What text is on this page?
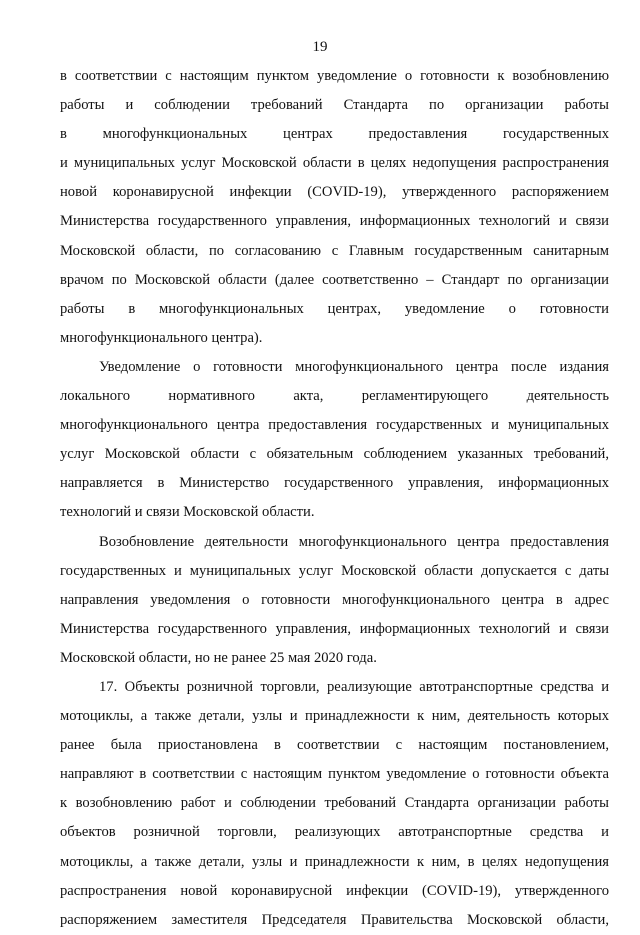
19
в соответствии с настоящим пунктом уведомление о готовности к возобновлению
работы и соблюдении требований Стандарта по организации работы
в многофункциональных центрах предоставления государственных
и муниципальных услуг Московской области в целях недопущения распространения
новой коронавирусной инфекции (COVID-19), утвержденного распоряжением
Министерства государственного управления, информационных технологий и связи
Московской области, по согласованию с Главным государственным санитарным
врачом по Московской области (далее соответственно – Стандарт по организации
работы в многофункциональных центрах, уведомление о готовности
многофункционального центра).
Уведомление о готовности многофункционального центра после издания
локального нормативного акта, регламентирующего деятельность
многофункционального центра предоставления государственных и муниципальных
услуг Московской области с обязательным соблюдением указанных требований,
направляется в Министерство государственного управления, информационных
технологий и связи Московской области.
Возобновление деятельности многофункционального центра предоставления
государственных и муниципальных услуг Московской области допускается с даты
направления уведомления о готовности многофункционального центра в адрес
Министерства государственного управления, информационных технологий и связи
Московской области, но не ранее 25 мая 2020 года.
17. Объекты розничной торговли, реализующие автотранспортные средства и
мотоциклы, а также детали, узлы и принадлежности к ним, деятельность которых
ранее была приостановлена в соответствии с настоящим постановлением,
направляют в соответствии с настоящим пунктом уведомление о готовности объекта
к возобновлению работ и соблюдении требований Стандарта организации работы
объектов розничной торговли, реализующих автотранспортные средства и
мотоциклы, а также детали, узлы и принадлежности к ним, в целях недопущения
распространения новой коронавирусной инфекции (COVID-19), утвержденного
распоряжением заместителя Председателя Правительства Московской области,
